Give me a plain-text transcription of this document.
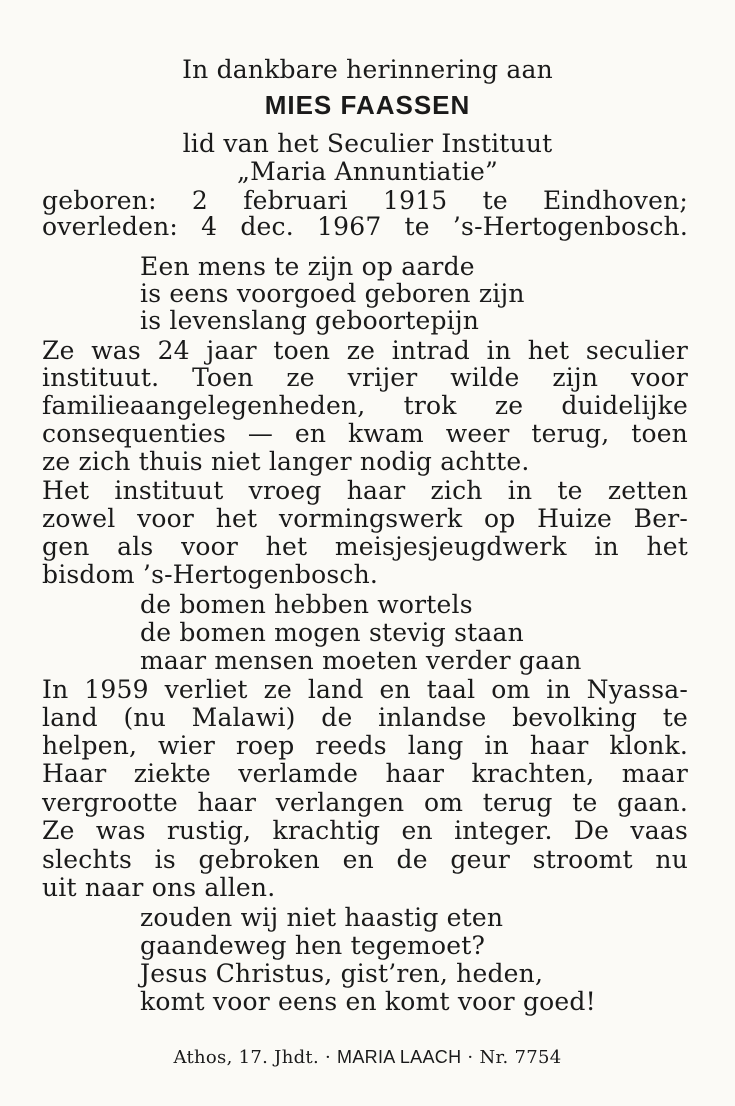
In dankbare herinnering aan
MIES FAASSEN
lid van het Seculier Instituut
„Maria Annuntiatie”
geboren: 2 februari 1915 te Eindhoven;
overleden: 4 dec. 1967 te ’s-Hertogenbosch.
Een mens te zijn op aarde
is eens voorgoed geboren zijn
is levenslang geboortepijn
Ze was 24 jaar toen ze intrad in het seculier
instituut. Toen ze vrijer wilde zijn voor
familieaangelegenheden, trok ze duidelijke
consequenties — en kwam weer terug, toen
ze zich thuis niet langer nodig achtte.
Het instituut vroeg haar zich in te zetten
zowel voor het vormingswerk op Huize Ber-
gen als voor het meisjesjeugdwerk in het
bisdom ’s-Hertogenbosch.
de bomen hebben wortels
de bomen mogen stevig staan
maar mensen moeten verder gaan
In 1959 verliet ze land en taal om in Nyassa-
land (nu Malawi) de inlandse bevolking te
helpen, wier roep reeds lang in haar klonk.
Haar ziekte verlamde haar krachten, maar
vergrootte haar verlangen om terug te gaan.
Ze was rustig, krachtig en integer. De vaas
slechts is gebroken en de geur stroomt nu
uit naar ons allen.
zouden wij niet haastig eten
gaandeweg hen tegemoet?
Jesus Christus, gist’ren, heden,
komt voor eens en komt voor goed!
Athos, 17. Jhdt. · MARIA LAACH · Nr. 7754
